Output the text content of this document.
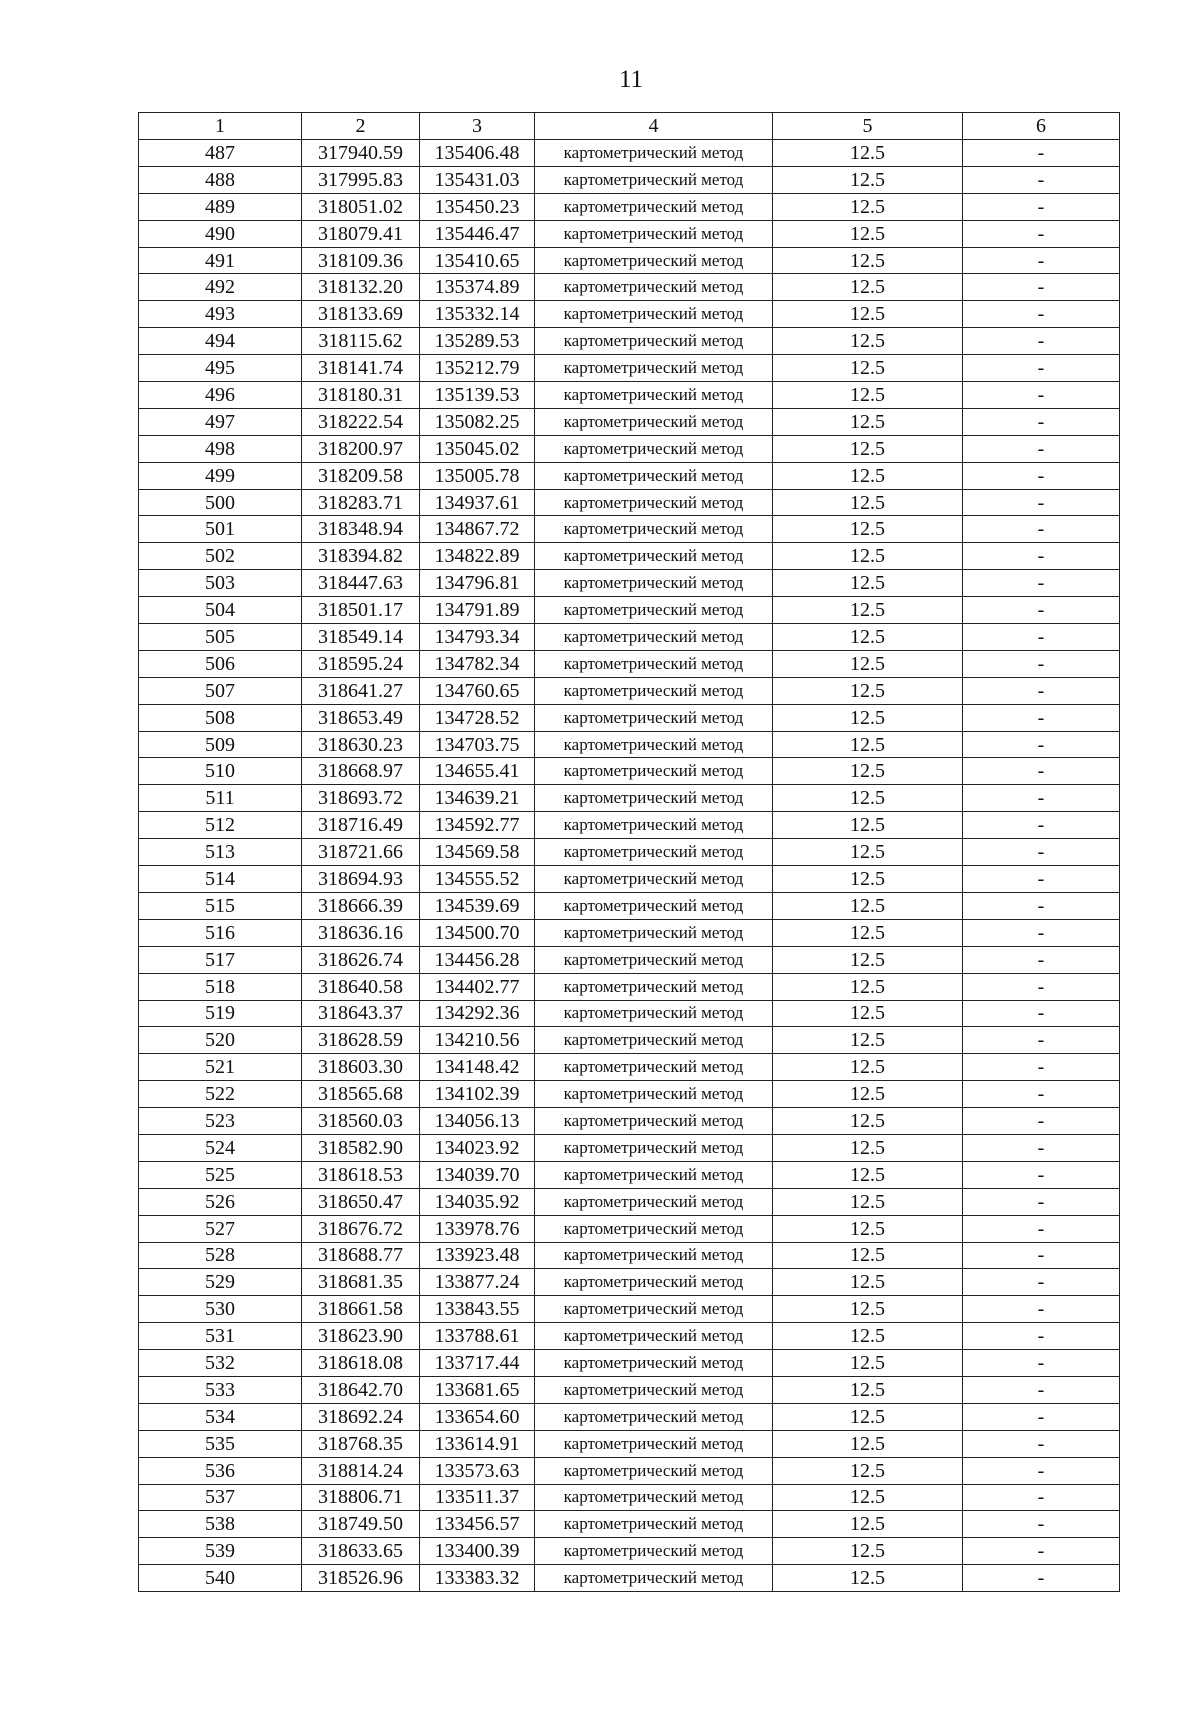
11
1	2	3	4	5	6
487	317940.59	135406.48	картометрический метод	12.5	-
488	317995.83	135431.03	картометрический метод	12.5	-
489	318051.02	135450.23	картометрический метод	12.5	-
490	318079.41	135446.47	картометрический метод	12.5	-
491	318109.36	135410.65	картометрический метод	12.5	-
492	318132.20	135374.89	картометрический метод	12.5	-
493	318133.69	135332.14	картометрический метод	12.5	-
494	318115.62	135289.53	картометрический метод	12.5	-
495	318141.74	135212.79	картометрический метод	12.5	-
496	318180.31	135139.53	картометрический метод	12.5	-
497	318222.54	135082.25	картометрический метод	12.5	-
498	318200.97	135045.02	картометрический метод	12.5	-
499	318209.58	135005.78	картометрический метод	12.5	-
500	318283.71	134937.61	картометрический метод	12.5	-
501	318348.94	134867.72	картометрический метод	12.5	-
502	318394.82	134822.89	картометрический метод	12.5	-
503	318447.63	134796.81	картометрический метод	12.5	-
504	318501.17	134791.89	картометрический метод	12.5	-
505	318549.14	134793.34	картометрический метод	12.5	-
506	318595.24	134782.34	картометрический метод	12.5	-
507	318641.27	134760.65	картометрический метод	12.5	-
508	318653.49	134728.52	картометрический метод	12.5	-
509	318630.23	134703.75	картометрический метод	12.5	-
510	318668.97	134655.41	картометрический метод	12.5	-
511	318693.72	134639.21	картометрический метод	12.5	-
512	318716.49	134592.77	картометрический метод	12.5	-
513	318721.66	134569.58	картометрический метод	12.5	-
514	318694.93	134555.52	картометрический метод	12.5	-
515	318666.39	134539.69	картометрический метод	12.5	-
516	318636.16	134500.70	картометрический метод	12.5	-
517	318626.74	134456.28	картометрический метод	12.5	-
518	318640.58	134402.77	картометрический метод	12.5	-
519	318643.37	134292.36	картометрический метод	12.5	-
520	318628.59	134210.56	картометрический метод	12.5	-
521	318603.30	134148.42	картометрический метод	12.5	-
522	318565.68	134102.39	картометрический метод	12.5	-
523	318560.03	134056.13	картометрический метод	12.5	-
524	318582.90	134023.92	картометрический метод	12.5	-
525	318618.53	134039.70	картометрический метод	12.5	-
526	318650.47	134035.92	картометрический метод	12.5	-
527	318676.72	133978.76	картометрический метод	12.5	-
528	318688.77	133923.48	картометрический метод	12.5	-
529	318681.35	133877.24	картометрический метод	12.5	-
530	318661.58	133843.55	картометрический метод	12.5	-
531	318623.90	133788.61	картометрический метод	12.5	-
532	318618.08	133717.44	картометрический метод	12.5	-
533	318642.70	133681.65	картометрический метод	12.5	-
534	318692.24	133654.60	картометрический метод	12.5	-
535	318768.35	133614.91	картометрический метод	12.5	-
536	318814.24	133573.63	картометрический метод	12.5	-
537	318806.71	133511.37	картометрический метод	12.5	-
538	318749.50	133456.57	картометрический метод	12.5	-
539	318633.65	133400.39	картометрический метод	12.5	-
540	318526.96	133383.32	картометрический метод	12.5	-
